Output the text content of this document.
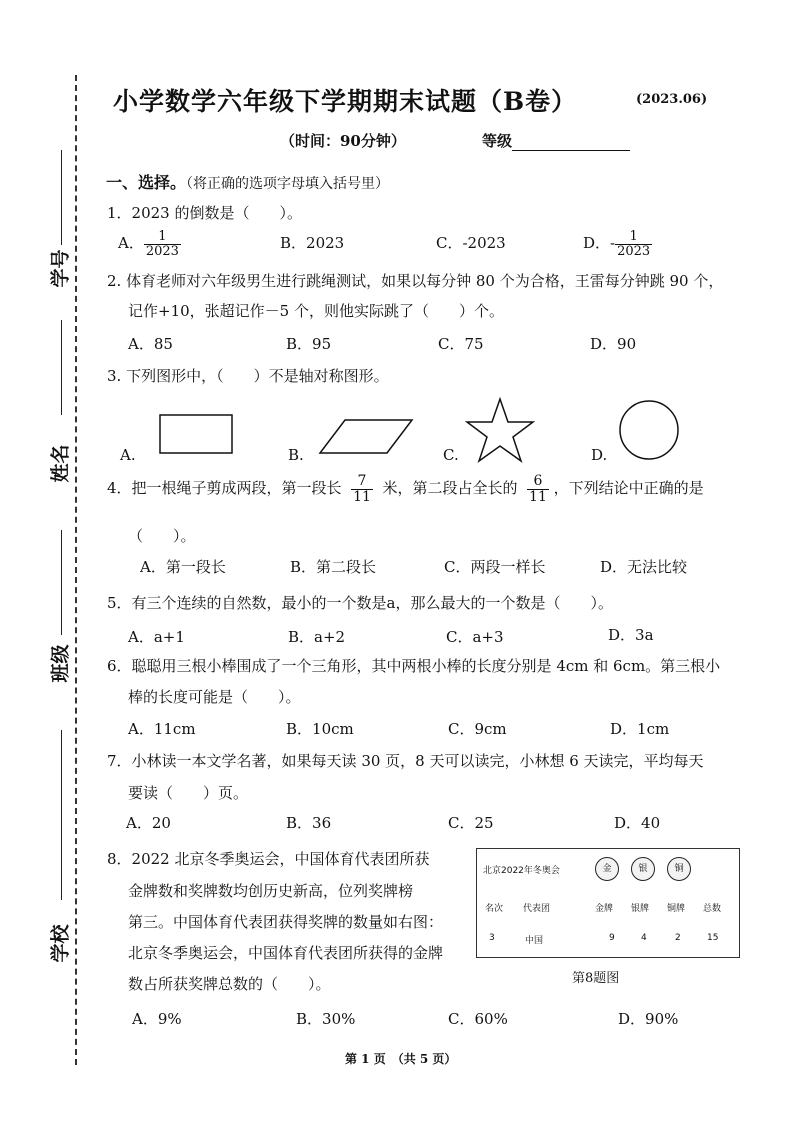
学号
姓名
班级
学校
小学数学六年级下学期期末试题（B卷）	(2023.06)
（时间：90分钟）	等级
一、选择。（将正确的选项字母填入括号里）
1．2023 的倒数是（　　）。
A． $\frac{1}{2023}$	B．2023	C．-2023	D．- $\frac{1}{2023}$
2. 体育老师对六年级男生进行跳绳测试，如果以每分钟 80 个为合格，王雷每分钟跳 90 个，
记作+10，张超记作－5 个，则他实际跳了（　　）个。
A．85	B．95	C．75	D．90
3. 下列图形中，（　　）不是轴对称图形。
A.	B.	C.	D.
4．把一根绳子剪成两段，第一段长 $\frac{7}{11}$ 米，第二段占全长的 $\frac{6}{11}$ ，下列结论中正确的是
（　　）。
A．第一段长	B．第二段长	C．两段一样长	D．无法比较
5．有三个连续的自然数，最小的一个数是a，那么最大的一个数是（　　）。
A．a+1	B．a+2	C．a+3	D．3a
6．聪聪用三根小棒围成了一个三角形，其中两根小棒的长度分别是 4cm 和 6cm。第三根小
棒的长度可能是（　　）。
A．11cm	B．10cm	C．9cm	D．1cm
7．小林读一本文学名著，如果每天读 30 页，8 天可以读完，小林想 6 天读完，平均每天
要读（　　）页。
A．20	B．36	C．25	D．40
8．2022 北京冬季奥运会，中国体育代表团所获
金牌数和奖牌数均创历史新高，位列奖牌榜
第三。中国体育代表团获得奖牌的数量如右图：
北京冬季奥运会，中国体育代表团所获得的金牌
数占所获奖牌总数的（　　）。
A．9%	B．30%	C．60%	D．90%
北京2022年冬奥会	金	银	铜
名次 代表团	金牌 银牌 铜牌 总数
3	中国	9	4	2	15
第8题图
第 1 页　（共 5 页）
